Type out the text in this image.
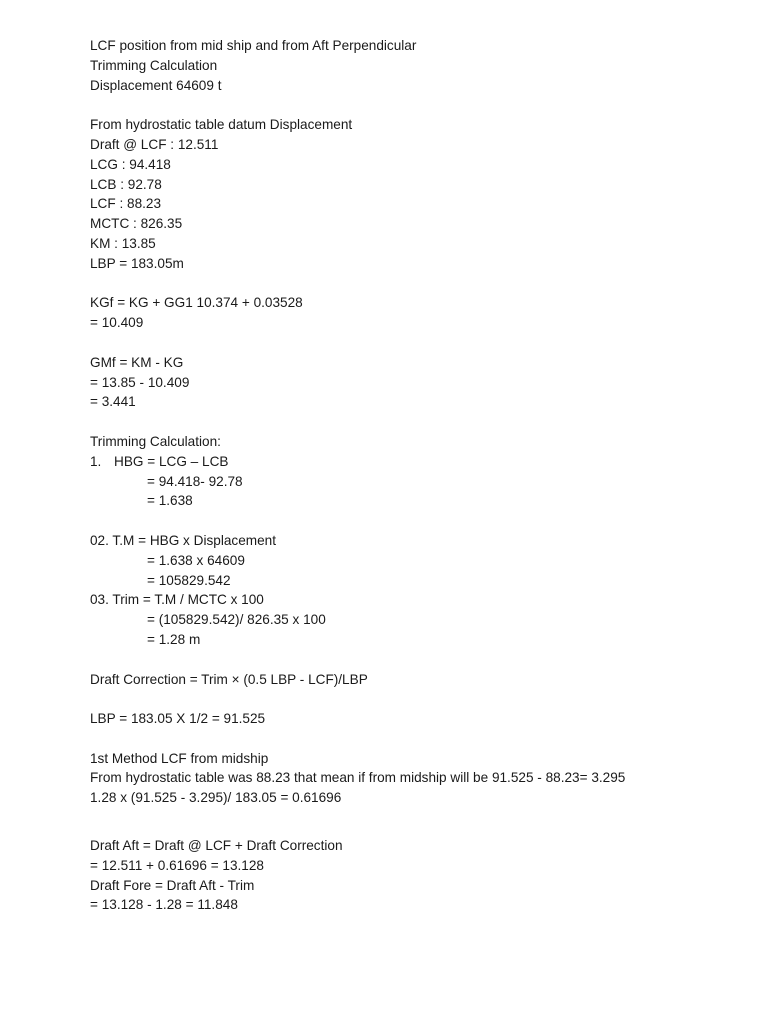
LCF position from mid ship and from Aft Perpendicular
Trimming Calculation
Displacement 64609 t
From hydrostatic table datum Displacement
Draft @ LCF : 12.511
LCG : 94.418
LCB : 92.78
LCF : 88.23
MCTC : 826.35
KM : 13.85
LBP = 183.05m
KGf = KG + GG1 10.374 + 0.03528
= 10.409
GMf = KM - KG
= 13.85 - 10.409
= 3.441
Trimming Calculation:
1. HBG = LCG – LCB
= 94.418- 92.78
= 1.638
02. T.M = HBG x Displacement
= 1.638 x 64609
= 105829.542
03. Trim = T.M / MCTC x 100
= (105829.542)/ 826.35 x 100
= 1.28 m
Draft Correction = Trim × (0.5 LBP - LCF)/LBP
LBP = 183.05 X 1/2 = 91.525
1st Method LCF from midship
From hydrostatic table was 88.23 that mean if from midship will be 91.525 - 88.23= 3.295
1.28 x (91.525 - 3.295)/ 183.05 = 0.61696
Draft Aft = Draft @ LCF + Draft Correction
= 12.511 + 0.61696 = 13.128
Draft Fore = Draft Aft - Trim
= 13.128 - 1.28 = 11.848
